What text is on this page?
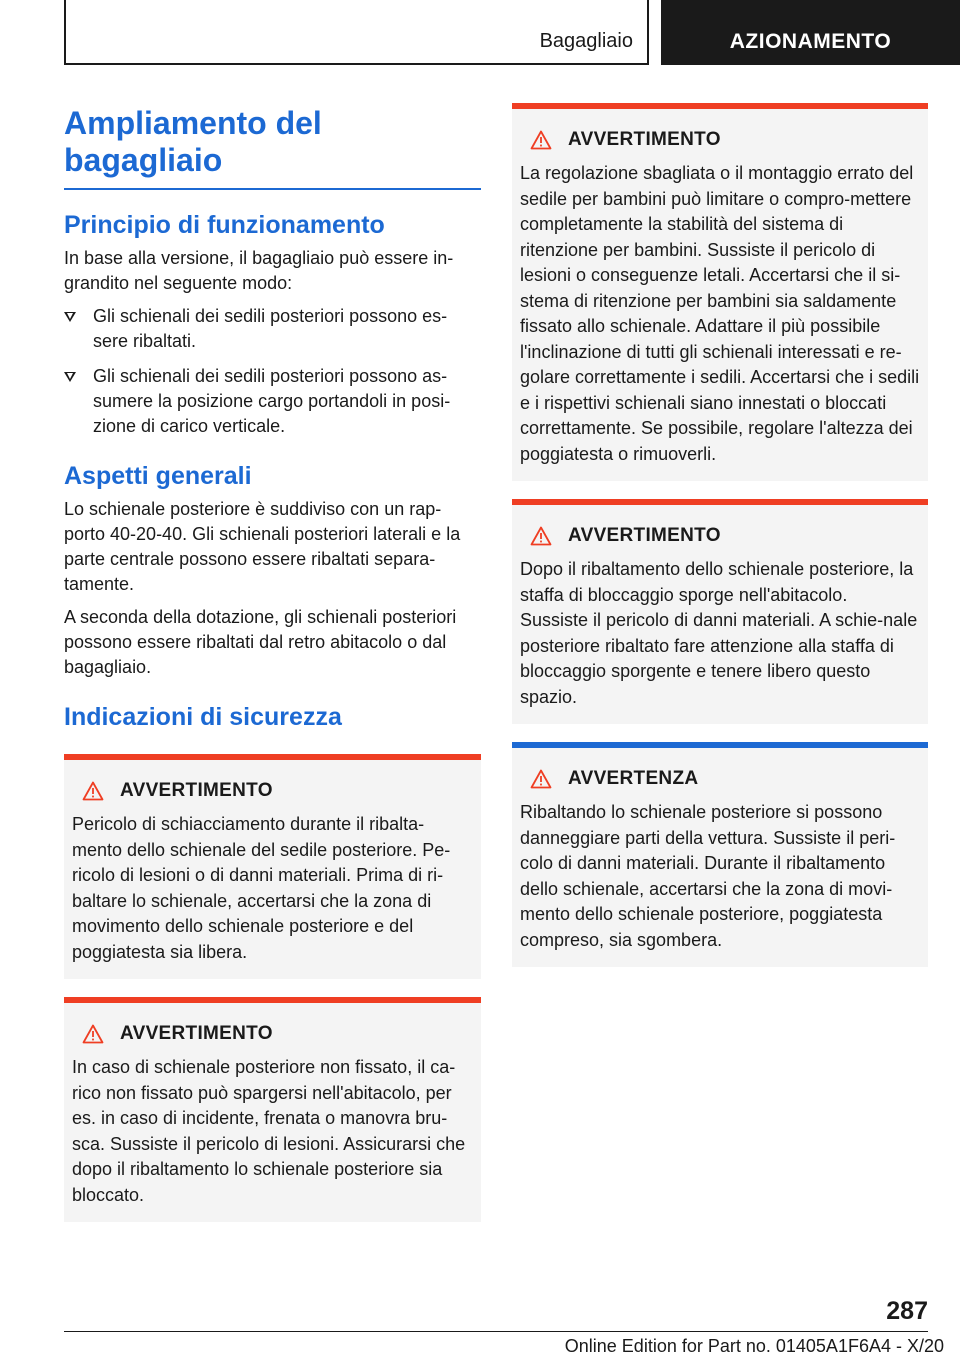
Bagagliaio	AZIONAMENTO
Ampliamento del bagagliaio
Principio di funzionamento
In base alla versione, il bagagliaio può essere in-grandito nel seguente modo:
Gli schienali dei sedili posteriori possono es-sere ribaltati.
Gli schienali dei sedili posteriori possono as-sumere la posizione cargo portandoli in posi-zione di carico verticale.
Aspetti generali
Lo schienale posteriore è suddiviso con un rap-porto 40-20-40. Gli schienali posteriori laterali e la parte centrale possono essere ribaltati separa-tamente.
A seconda della dotazione, gli schienali posteriori possono essere ribaltati dal retro abitacolo o dal bagagliaio.
Indicazioni di sicurezza
AVVERTIMENTO
Pericolo di schiacciamento durante il ribalta-mento dello schienale del sedile posteriore. Pe-ricolo di lesioni o di danni materiali. Prima di ri-baltare lo schienale, accertarsi che la zona di movimento dello schienale posteriore e del poggiatesta sia libera.
AVVERTIMENTO
In caso di schienale posteriore non fissato, il ca-rico non fissato può spargersi nell'abitacolo, per es. in caso di incidente, frenata o manovra bru-sca. Sussiste il pericolo di lesioni. Assicurarsi che dopo il ribaltamento lo schienale posteriore sia bloccato.
AVVERTIMENTO
La regolazione sbagliata o il montaggio errato del sedile per bambini può limitare o compro-mettere completamente la stabilità del sistema di ritenzione per bambini. Sussiste il pericolo di lesioni o conseguenze letali. Accertarsi che il si-stema di ritenzione per bambini sia saldamente fissato allo schienale. Adattare il più possibile l'inclinazione di tutti gli schienali interessati e re-golare correttamente i sedili. Accertarsi che i sedili e i rispettivi schienali siano innestati o bloccati correttamente. Se possibile, regolare l'altezza dei poggiatesta o rimuoverli.
AVVERTIMENTO
Dopo il ribaltamento dello schienale posteriore, la staffa di bloccaggio sporge nell'abitacolo. Sussiste il pericolo di danni materiali. A schie-nale posteriore ribaltato fare attenzione alla staffa di bloccaggio sporgente e tenere libero questo spazio.
AVVERTENZA
Ribaltando lo schienale posteriore si possono danneggiare parti della vettura. Sussiste il peri-colo di danni materiali. Durante il ribaltamento dello schienale, accertarsi che la zona di movi-mento dello schienale posteriore, poggiatesta compreso, sia sgombera.
287
Online Edition for Part no. 01405A1F6A4 - X/20
